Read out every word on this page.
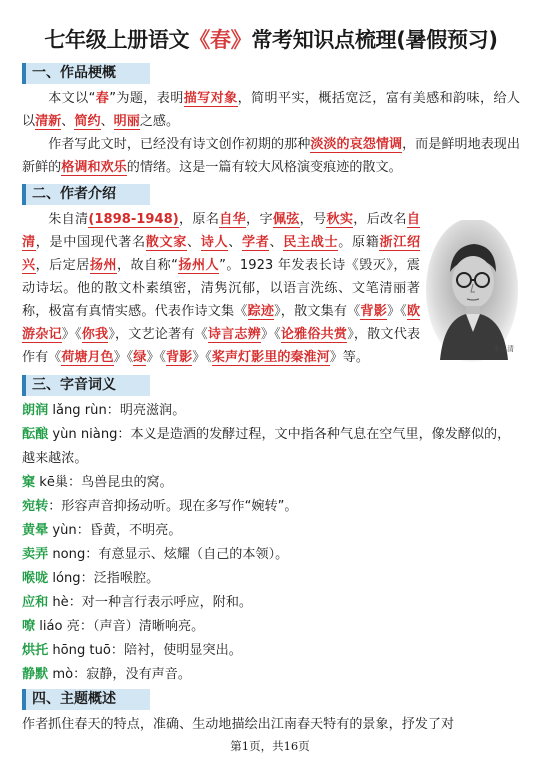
七年级上册语文《春》常考知识点梳理(暑假预习)
一、作品梗概

本文以“春”为题，表明描写对象，简明平实，概括宽泛，富有美感和韵味，给人以清新、简约、明丽之感。

作者写此文时，已经没有诗文创作初期的那种淡淡的哀怨情调，而是鲜明地表现出新鲜的格调和欢乐的情绪。这是一篇有较大风格演变痕迹的散文。

二、作者介绍

朱自清(1898-1948)，原名自华，字佩弦，号秋实，后改名自清，是中国现代著名散文家、诗人、学者、民主战士。原籍浙江绍兴，后定居扬州，故自称“扬州人”。1923 年发表长诗《毁灭》，震动诗坛。他的散文朴素缜密，清隽沉郁，以语言洗练、文笔清丽著称，极富有真情实感。代表作诗文集《踪迹》，散文集有《背影》《欧游杂记》《你我》，文艺论著有《诗言志辨》《论雅俗共赏》，散文代表作有《荷塘月色》《绿》《背影》《桨声灯影里的秦淮河》等。

朱自清
三、字音词义

朗润 lǎng rùn：明亮滋润。

酝酿 yùn niàng：本义是造酒的发酵过程，文中指各种气息在空气里，像发酵似的，越来越浓。

窠 kē巢：鸟兽昆虫的窝。

宛转：形容声音抑扬动听。现在多写作“婉转”。

黄晕 yùn：昏黄，不明亮。

卖弄 nong：有意显示、炫耀（自己的本领）。

喉咙 lóng：泛指喉腔。

应和 hè：对一种言行表示呼应，附和。

嘹 liáo 亮：（声音）清晰响亮。

烘托 hōng tuō：陪衬，使明显突出。

静默 mò：寂静，没有声音。

四、主题概述

作者抓住春天的特点，准确、生动地描绘出江南春天特有的景象，抒发了对

第1页，共16页
